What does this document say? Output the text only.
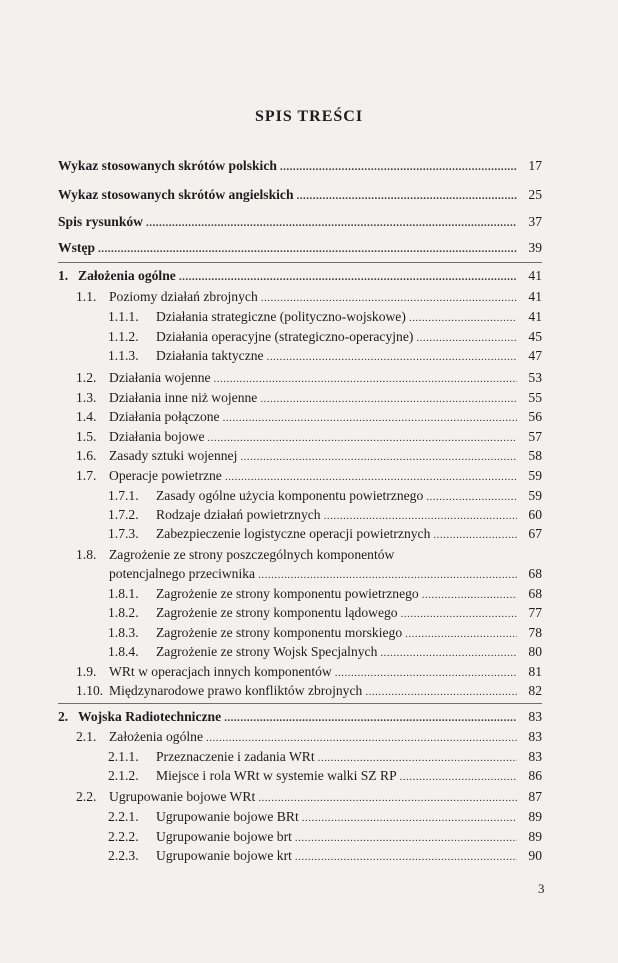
SPIS TREŚCI
Wykaz stosowanych skrótów polskich .....	17
Wykaz stosowanych skrótów angielskich .....	25
Spis rysunków .....	37
Wstęp .....	39
1. Założenia ogólne .....	41
1.1. Poziomy działań zbrojnych .....	41
1.1.1.	Działania strategiczne (polityczno-wojskowe) .....	41
1.1.2.	Działania operacyjne (strategiczno-operacyjne) .....	45
1.1.3.	Działania taktyczne .....	47
1.2. Działania wojenne .....	53
1.3. Działania inne niż wojenne .....	55
1.4. Działania połączone .....	56
1.5. Działania bojowe .....	57
1.6. Zasady sztuki wojennej .....	58
1.7. Operacje powietrzne .....	59
1.7.1.	Zasady ogólne użycia komponentu powietrznego .....	59
1.7.2.	Rodzaje działań powietrznych .....	60
1.7.3.	Zabezpieczenie logistyczne operacji powietrznych .....	67
1.8. Zagrożenie ze strony poszczególnych komponentów
potencjalnego przeciwnika .....	68
1.8.1.	Zagrożenie ze strony komponentu powietrznego .....	68
1.8.2.	Zagrożenie ze strony komponentu lądowego .....	77
1.8.3.	Zagrożenie ze strony komponentu morskiego .....	78
1.8.4.	Zagrożenie ze strony Wojsk Specjalnych .....	80
1.9. WRt w operacjach innych komponentów .....	81
1.10. Międzynarodowe prawo konfliktów zbrojnych .....	82
2. Wojska Radiotechniczne .....	83
2.1. Założenia ogólne .....	83
2.1.1.	Przeznaczenie i zadania WRt .....	83
2.1.2.	Miejsce i rola WRt w systemie walki SZ RP .....	86
2.2. Ugrupowanie bojowe WRt .....	87
2.2.1.	Ugrupowanie bojowe BRt .....	89
2.2.2.	Ugrupowanie bojowe brt .....	89
2.2.3.	Ugrupowanie bojowe krt .....	90
3
